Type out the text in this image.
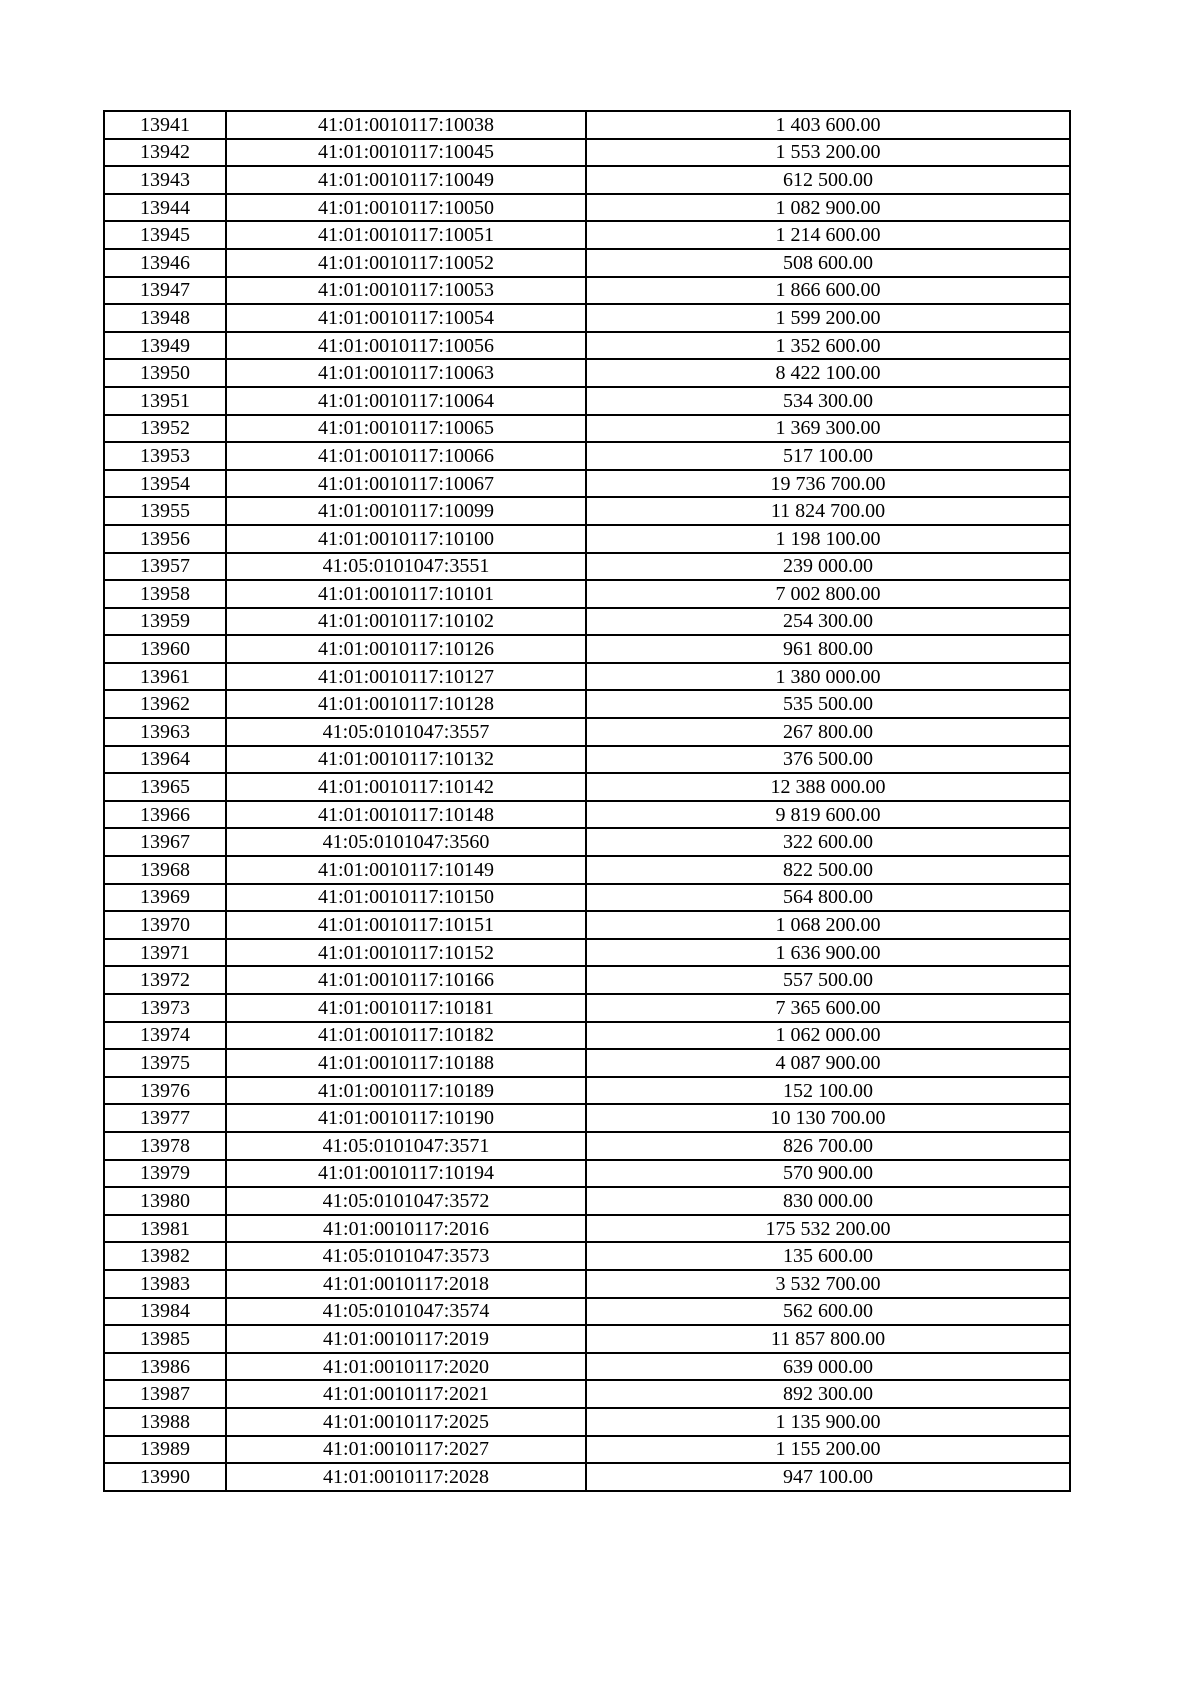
13941	41:01:0010117:10038	1 403 600.00
13942	41:01:0010117:10045	1 553 200.00
13943	41:01:0010117:10049	612 500.00
13944	41:01:0010117:10050	1 082 900.00
13945	41:01:0010117:10051	1 214 600.00
13946	41:01:0010117:10052	508 600.00
13947	41:01:0010117:10053	1 866 600.00
13948	41:01:0010117:10054	1 599 200.00
13949	41:01:0010117:10056	1 352 600.00
13950	41:01:0010117:10063	8 422 100.00
13951	41:01:0010117:10064	534 300.00
13952	41:01:0010117:10065	1 369 300.00
13953	41:01:0010117:10066	517 100.00
13954	41:01:0010117:10067	19 736 700.00
13955	41:01:0010117:10099	11 824 700.00
13956	41:01:0010117:10100	1 198 100.00
13957	41:05:0101047:3551	239 000.00
13958	41:01:0010117:10101	7 002 800.00
13959	41:01:0010117:10102	254 300.00
13960	41:01:0010117:10126	961 800.00
13961	41:01:0010117:10127	1 380 000.00
13962	41:01:0010117:10128	535 500.00
13963	41:05:0101047:3557	267 800.00
13964	41:01:0010117:10132	376 500.00
13965	41:01:0010117:10142	12 388 000.00
13966	41:01:0010117:10148	9 819 600.00
13967	41:05:0101047:3560	322 600.00
13968	41:01:0010117:10149	822 500.00
13969	41:01:0010117:10150	564 800.00
13970	41:01:0010117:10151	1 068 200.00
13971	41:01:0010117:10152	1 636 900.00
13972	41:01:0010117:10166	557 500.00
13973	41:01:0010117:10181	7 365 600.00
13974	41:01:0010117:10182	1 062 000.00
13975	41:01:0010117:10188	4 087 900.00
13976	41:01:0010117:10189	152 100.00
13977	41:01:0010117:10190	10 130 700.00
13978	41:05:0101047:3571	826 700.00
13979	41:01:0010117:10194	570 900.00
13980	41:05:0101047:3572	830 000.00
13981	41:01:0010117:2016	175 532 200.00
13982	41:05:0101047:3573	135 600.00
13983	41:01:0010117:2018	3 532 700.00
13984	41:05:0101047:3574	562 600.00
13985	41:01:0010117:2019	11 857 800.00
13986	41:01:0010117:2020	639 000.00
13987	41:01:0010117:2021	892 300.00
13988	41:01:0010117:2025	1 135 900.00
13989	41:01:0010117:2027	1 155 200.00
13990	41:01:0010117:2028	947 100.00
